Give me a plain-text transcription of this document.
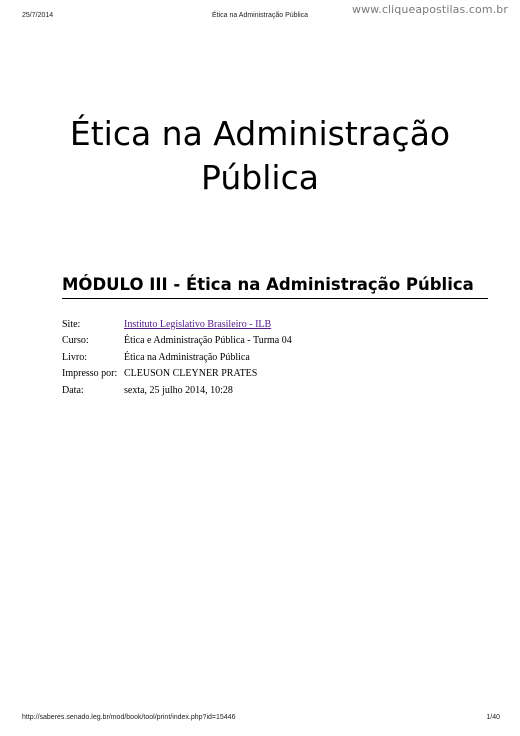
25/7/2014	Ética na Administração Pública	www.cliqueapostilas.com.br
Ética na Administração
Pública
MÓDULO III - Ética na Administração Pública
Site:	Instituto Legislativo Brasileiro - ILB
Curso:	Ética e Administração Pública - Turma 04
Livro:	Ética na Administração Pública
Impresso por:	CLEUSON CLEYNER PRATES
Data:	sexta, 25 julho 2014, 10:28
http://saberes.senado.leg.br/mod/book/tool/print/index.php?id=15446	1/40
